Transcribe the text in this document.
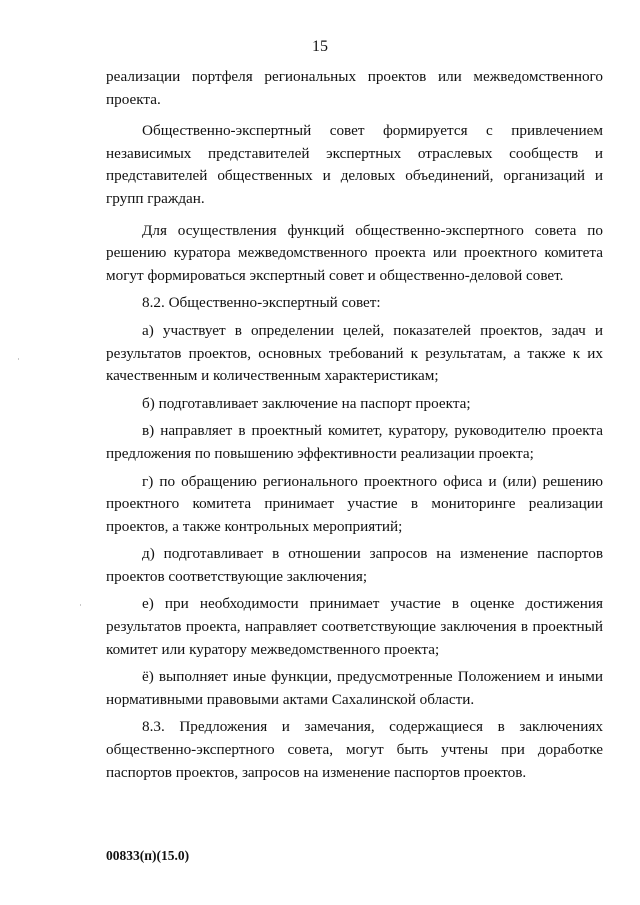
15

реализации портфеля региональных проектов или межведомственного проекта.

Общественно-экспертный совет формируется с привлечением независимых представителей экспертных отраслевых сообществ и представителей общественных и деловых объединений, организаций и групп граждан.

Для осуществления функций общественно-экспертного совета по решению куратора межведомственного проекта или проектного комитета могут формироваться экспертный совет и общественно-деловой совет.

8.2. Общественно-экспертный совет:

а) участвует в определении целей, показателей проектов, задач и результатов проектов, основных требований к результатам, а также к их качественным и количественным характеристикам;

б) подготавливает заключение на паспорт проекта;

в) направляет в проектный комитет, куратору, руководителю проекта предложения по повышению эффективности реализации проекта;

г) по обращению регионального проектного офиса и (или) решению проектного комитета принимает участие в мониторинге реализации проектов, а также контрольных мероприятий;

д) подготавливает в отношении запросов на изменение паспортов проектов соответствующие заключения;

е) при необходимости принимает участие в оценке достижения результатов проекта, направляет соответствующие заключения в проектный комитет или куратору межведомственного проекта;

ё) выполняет иные функции, предусмотренные Положением и иными нормативными правовыми актами Сахалинской области.

8.3. Предложения и замечания, содержащиеся в заключениях общественно-экспертного совета, могут быть учтены при доработке паспортов проектов, запросов на изменение паспортов проектов.

00833(п)(15.0)
